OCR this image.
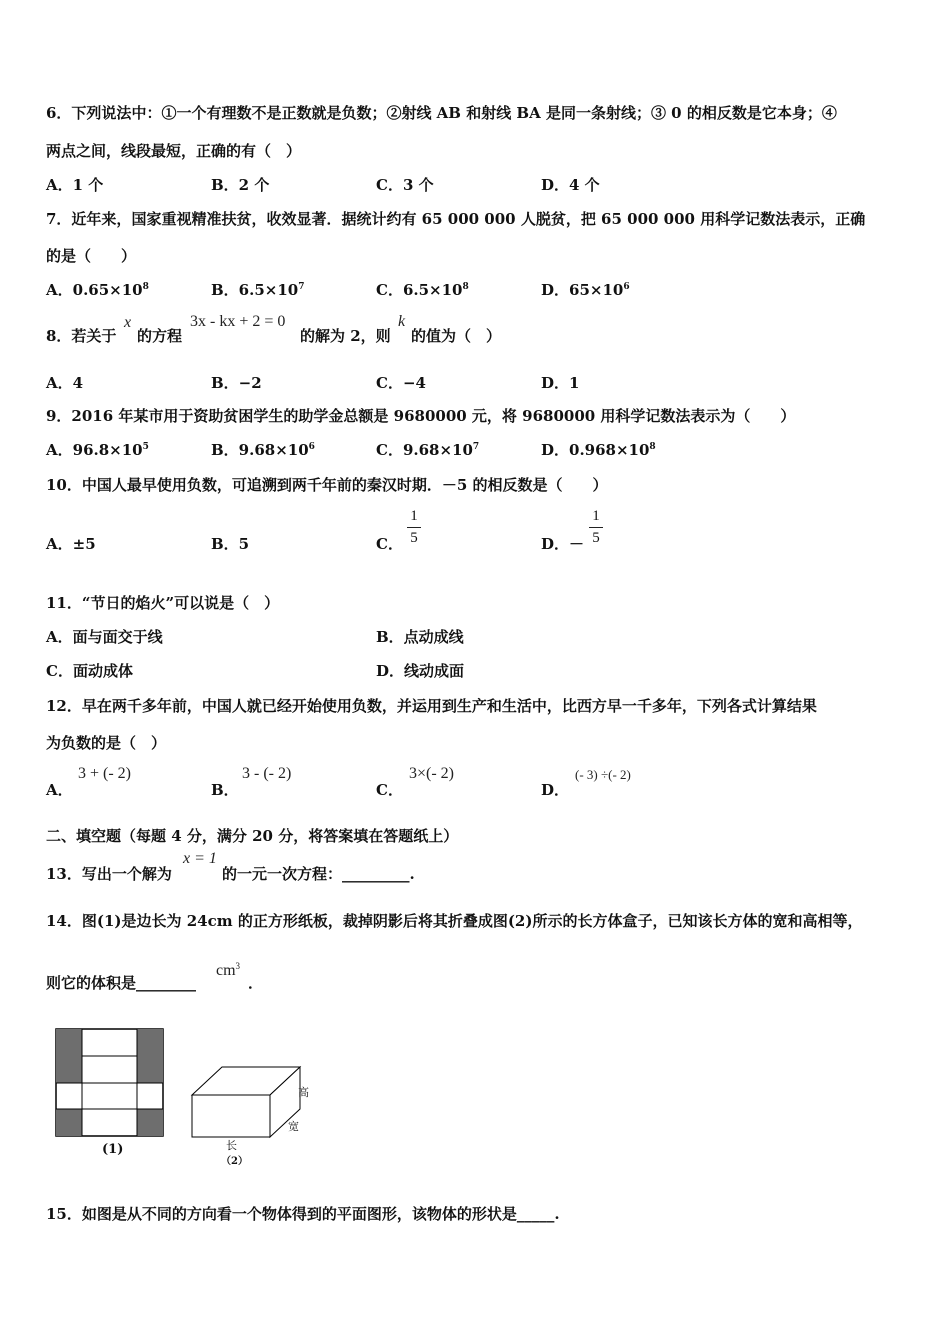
6．下列说法中：①一个有理数不是正数就是负数；②射线 AB 和射线 BA 是同一条射线；③ 0 的相反数是它本身；④
两点之间，线段最短，正确的有（　）
A．1 个	B．2 个	C．3 个	D．4 个
7．近年来，国家重视精准扶贫，收效显著．据统计约有 65 000 000 人脱贫，把 65 000 000 用科学记数法表示，正确
的是（　　）
A．$0.65\times 10^8$	B．$6.5\times 10^7$	C．$6.5\times 10^8$	D．$65\times 10^6$
8．若关于
x
的方程
3x - kx + 2 = 0
的解为 2，则
k
的值为（　）
A．4	B．−2	C．−4	D．1
9．2016 年某市用于资助贫困学生的助学金总额是 9680000 元，将 9680000 用科学记数法表示为（　　）
A．$96.8\times 10^5$	B．$9.68\times 10^6$	C．$9.68\times 10^7$	D．$0.968\times 10^8$
10．中国人最早使用负数，可追溯到两千年前的秦汉时期．－5 的相反数是（　　）
A．±5	B．5	C．
1
5	D．－
1
5
11．“节日的焰火”可以说是（　）
A．面与面交于线	B．点动成线
C．面动成体	D．线动成面
12．早在两千多年前，中国人就已经开始使用负数，并运用到生产和生活中，比西方早一千多年，下列各式计算结果
为负数的是（　）
A．
3 + (- 2)
B．
3 - (- 2)
C．
3×(- 2)
D．
(- 3) ÷(- 2)
二、填空题（每题 4 分，满分 20 分，将答案填在答题纸上）
13．写出一个解为
x = 1
的一元一次方程：_________.
14．图(1)是边长为 24cm 的正方形纸板，裁掉阴影后将其折叠成图(2)所示的长方体盒子，已知该长方体的宽和高相等，
则它的体积是________
$cm^3$
．
(1)
高
宽
长
（2）
15．如图是从不同的方向看一个物体得到的平面图形，该物体的形状是_____.
